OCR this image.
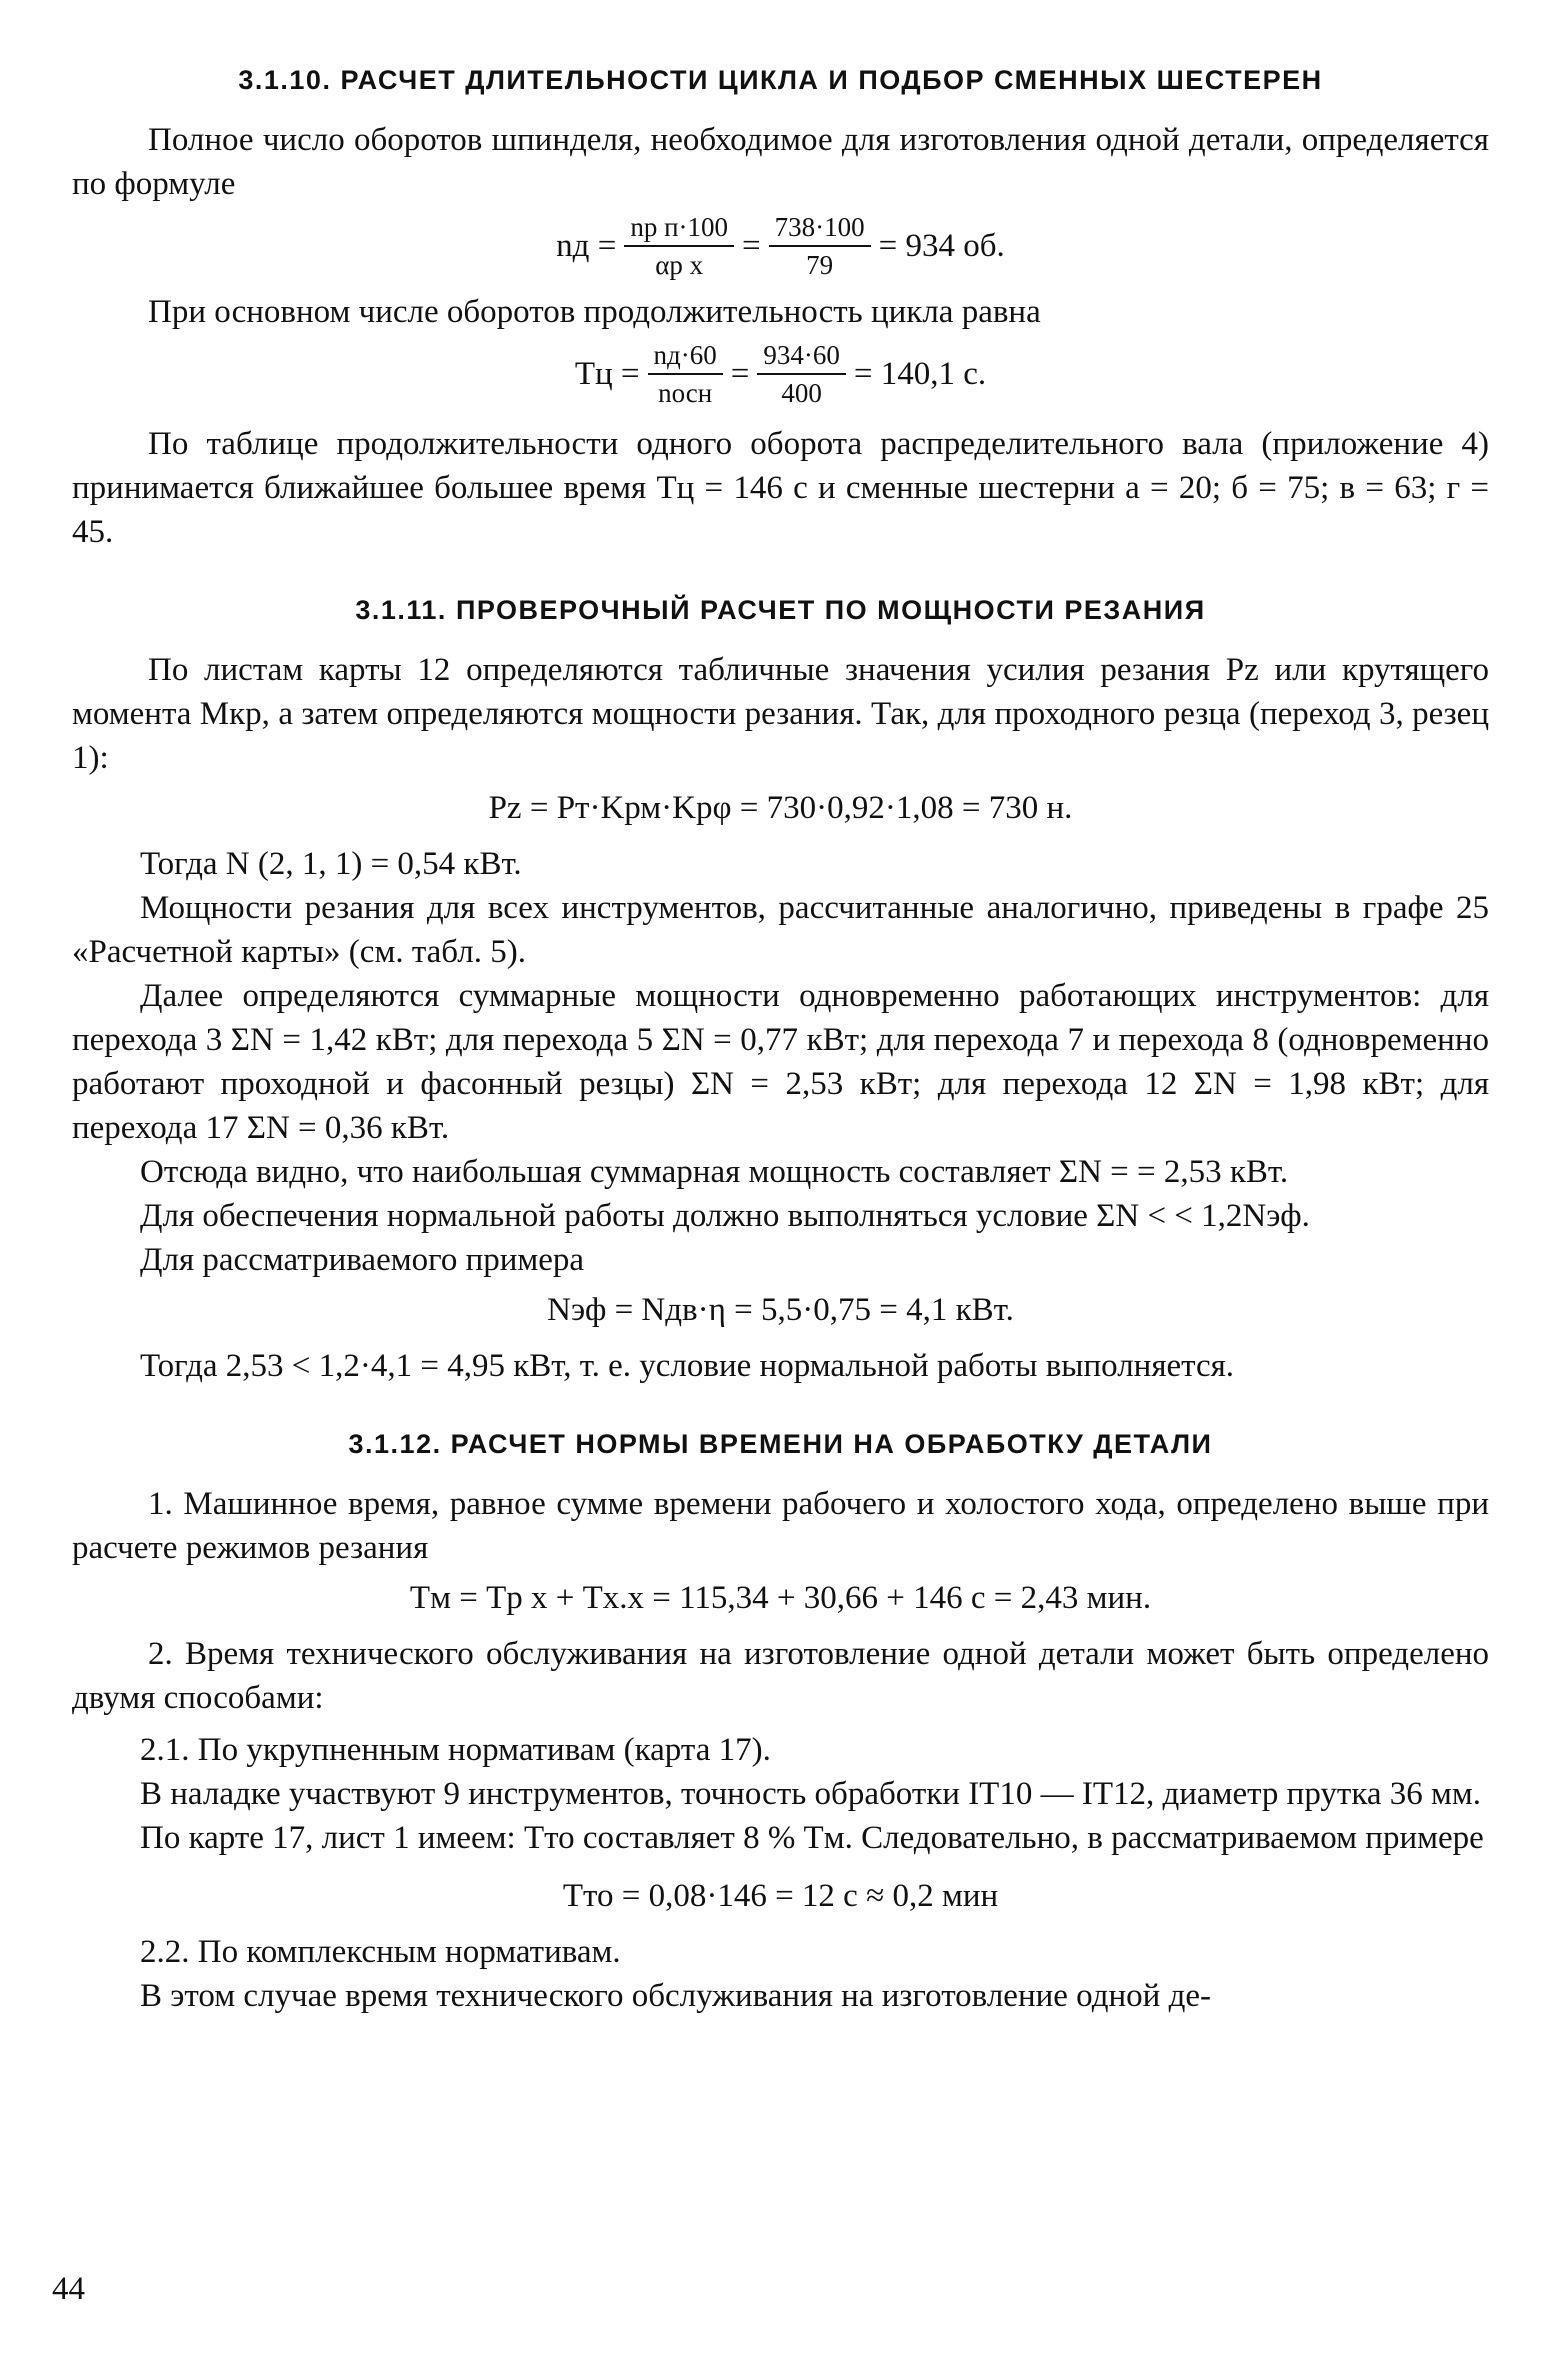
3.1.10. РАСЧЕТ ДЛИТЕЛЬНОСТИ ЦИКЛА И ПОДБОР СМЕННЫХ ШЕСТЕРЕН

Полное число оборотов шпинделя, необходимое для изготовления одной детали, определяется по формуле

nд = $\frac{\text{nр п·100}}{\text{αр х}} = \frac{738\cdot 100}{79} = 934$ об.

При основном числе оборотов продолжительность цикла равна

Tц = $\frac{nд\cdot 60}{\text{nосн}} = \frac{934\cdot 60}{400} = 140,1$ с.

По таблице продолжительности одного оборота распределительного вала (приложение 4) принимается ближайшее большее время Tц = 146 с и сменные шестерни а = 20; б = 75; в = 63; г = 45.

3.1.11. ПРОВЕРОЧНЫЙ РАСЧЕТ ПО МОЩНОСТИ РЕЗАНИЯ

По листам карты 12 определяются табличные значения усилия резания Pz или крутящего момента Mкр, а затем определяются мощности резания. Так, для проходного резца (переход 3, резец 1):

Pz = Pт·Kрм·Kрφ = 730·0,92·1,08 = 730 н.

Тогда N (2, 1, 1) = 0,54 кВт.

Мощности резания для всех инструментов, рассчитанные аналогично, приведены в графе 25 «Расчетной карты» (см. табл. 5).

Далее определяются суммарные мощности одновременно работающих инструментов: для перехода 3 ΣN = 1,42 кВт; для перехода 5 ΣN = 0,77 кВт; для перехода 7 и перехода 8 (одновременно работают проходной и фасонный резцы) ΣN = 2,53 кВт; для перехода 12 ΣN = 1,98 кВт; для перехода 17 ΣN = 0,36 кВт.

Отсюда видно, что наибольшая суммарная мощность составляет ΣN = = 2,53 кВт.

Для обеспечения нормальной работы должно выполняться условие ΣN < < 1,2Nэф.

Для рассматриваемого примера

Nэф = Nдв·η = 5,5·0,75 = 4,1 кВт.

Тогда 2,53 < 1,2·4,1 = 4,95 кВт, т. е. условие нормальной работы выполняется.

3.1.12. РАСЧЕТ НОРМЫ ВРЕМЕНИ НА ОБРАБОТКУ ДЕТАЛИ

1. Машинное время, равное сумме времени рабочего и холостого хода, определено выше при расчете режимов резания

Tм = Tр х + Tх.х = 115,34 + 30,66 + 146 с = 2,43 мин.

2. Время технического обслуживания на изготовление одной детали может быть определено двумя способами:

2.1. По укрупненным нормативам (карта 17).

В наладке участвуют 9 инструментов, точность обработки IT10 — IT12, диаметр прутка 36 мм.

По карте 17, лист 1 имеем: Tто составляет 8 % Tм. Следовательно, в рассматриваемом примере

Tто = 0,08·146 = 12 с ≈ 0,2 мин

2.2. По комплексным нормативам.

В этом случае время технического обслуживания на изготовление одной де-

44
